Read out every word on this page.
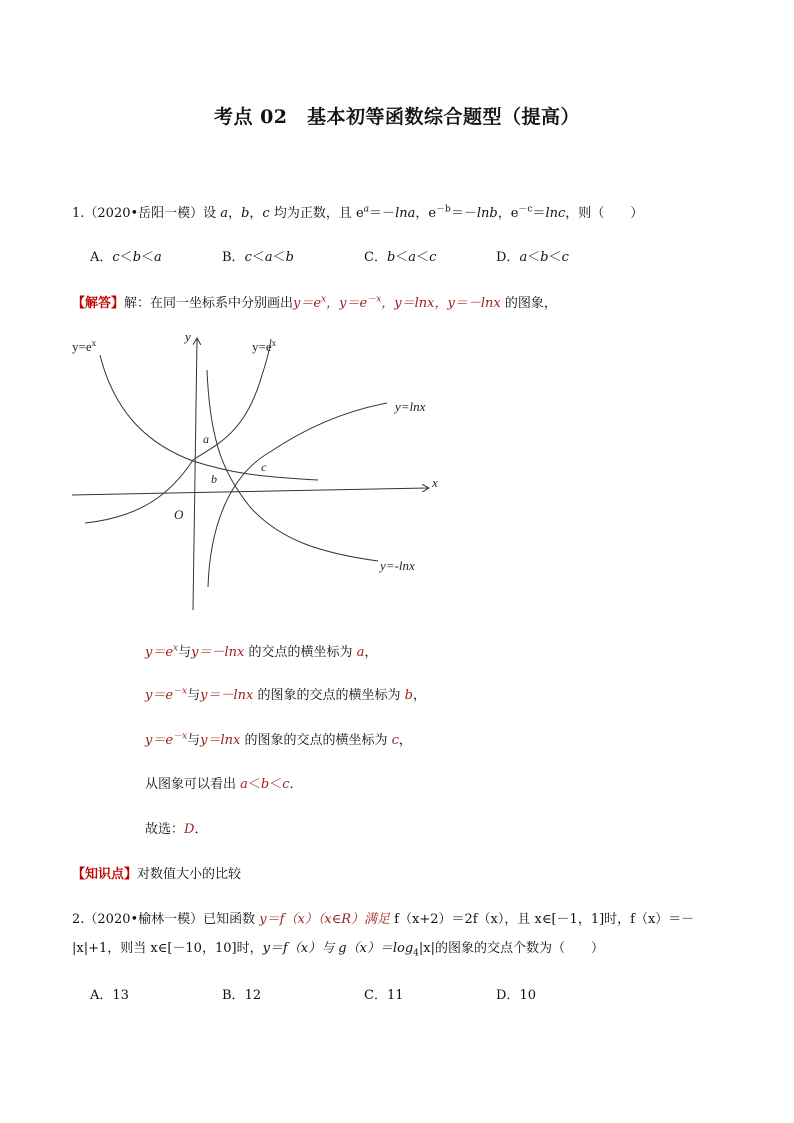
考点 02　基本初等函数综合题型（提高）
1.（2020•岳阳一模）设 a，b，c 均为正数，且 $e^a=-\ln a$，$e^{-b}=-\ln b$，$e^{-c}=\ln c$，则（　　）
A．c＜b＜a	B．c＜a＜b	C．b＜a＜c	D．a＜b＜c
【解答】解：在同一坐标系中分别画出$y=e^x$，$y=e^{-x}$，y＝lnx，y＝－lnx 的图象，
$y=e^x$	$y=e^x$
y=lnx
y=-lnx
x
y
O
a
b
c
$y=e^x$与y＝－lnx 的交点的横坐标为 a，
$y=e^{-x}$与y＝－lnx 的图象的交点的横坐标为 b，
$y=e^{-x}$与y＝lnx 的图象的交点的横坐标为 c，
从图象可以看出 a＜b＜c．
故选：D．
【知识点】对数值大小的比较
2.（2020•榆林一模）已知函数 y＝f（x）（x∈R）满足 f（x+2）＝2f（x），且 x∈[－1，1]时，f（x）＝－
|x|+1，则当 x∈[－10，10]时，y＝f（x）与 $g(x)=\log_4|x|$的图象的交点个数为（　　）
A．13	B．12	C．11	D．10
